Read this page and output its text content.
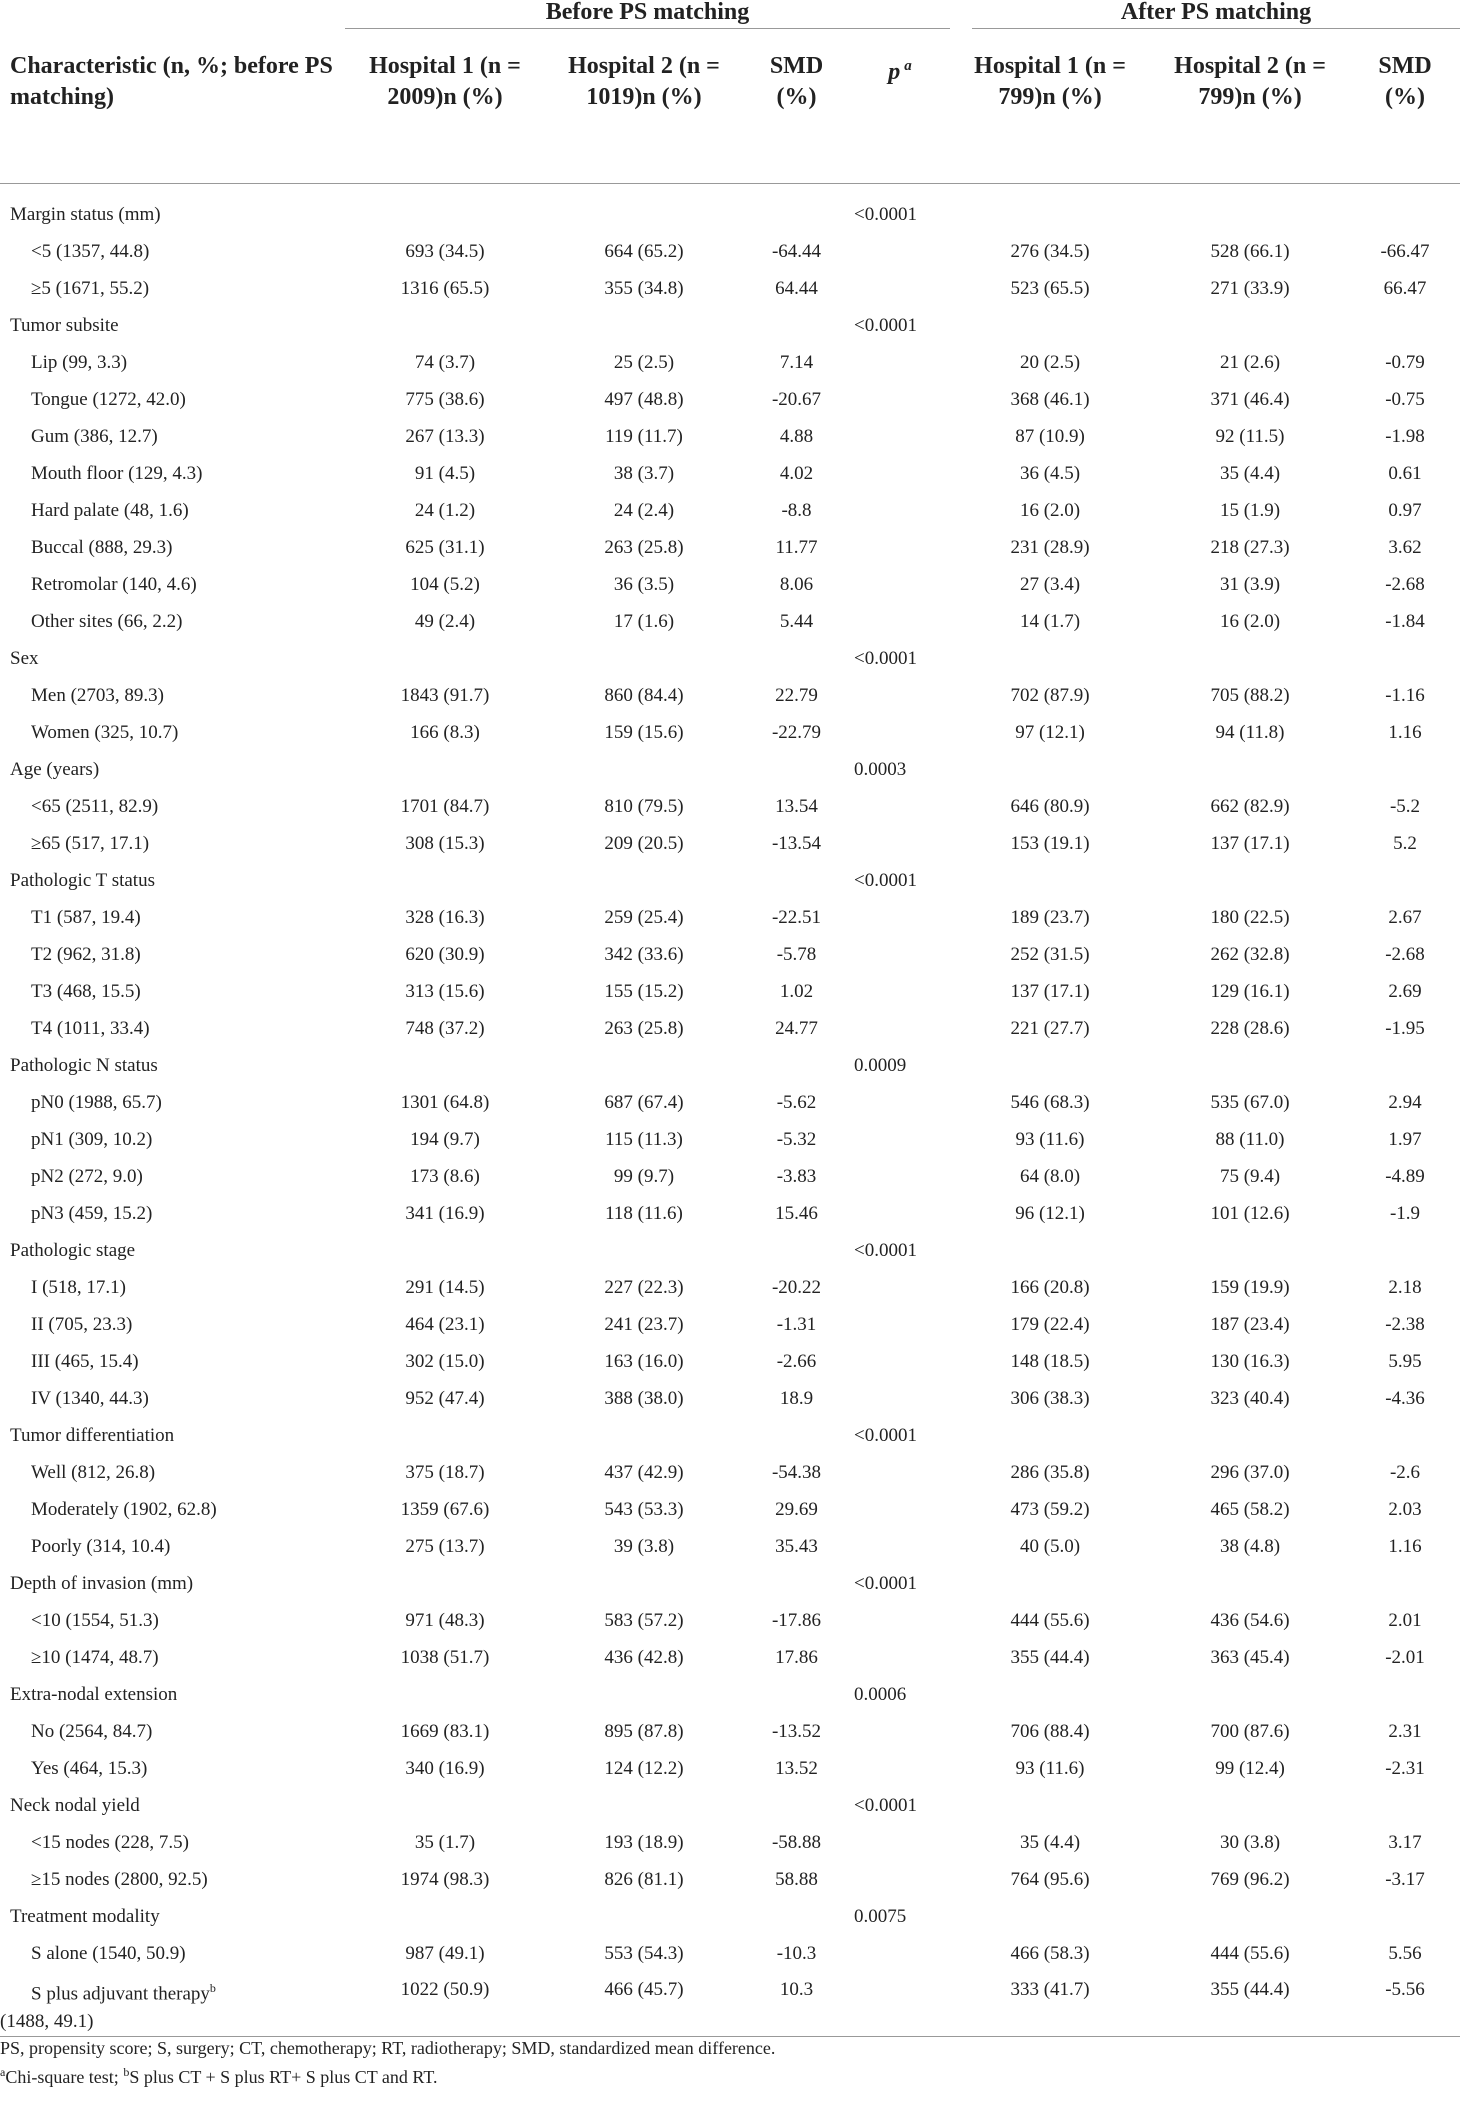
	Before PS matching				After PS matching		

Characteristic (n, %; before PS matching)	Hospital 1 (n = 2009)n (%)	Hospital 2 (n = 1019)n (%)	SMD (%)	p $^a$	Hospital 1 (n = 799)n (%)	Hospital 2 (n = 799)n (%)	SMD (%)

Margin status (mm)				<0.0001			
<5 (1357, 44.8)	693 (34.5)	664 (65.2)	-64.44		276 (34.5)	528 (66.1)	-66.47
≥5 (1671, 55.2)	1316 (65.5)	355 (34.8)	64.44		523 (65.5)	271 (33.9)	66.47
Tumor subsite				<0.0001			
Lip (99, 3.3)	74 (3.7)	25 (2.5)	7.14		20 (2.5)	21 (2.6)	-0.79
Tongue (1272, 42.0)	775 (38.6)	497 (48.8)	-20.67		368 (46.1)	371 (46.4)	-0.75
Gum (386, 12.7)	267 (13.3)	119 (11.7)	4.88		87 (10.9)	92 (11.5)	-1.98
Mouth floor (129, 4.3)	91 (4.5)	38 (3.7)	4.02		36 (4.5)	35 (4.4)	0.61
Hard palate (48, 1.6)	24 (1.2)	24 (2.4)	-8.8		16 (2.0)	15 (1.9)	0.97
Buccal (888, 29.3)	625 (31.1)	263 (25.8)	11.77		231 (28.9)	218 (27.3)	3.62
Retromolar (140, 4.6)	104 (5.2)	36 (3.5)	8.06		27 (3.4)	31 (3.9)	-2.68
Other sites (66, 2.2)	49 (2.4)	17 (1.6)	5.44		14 (1.7)	16 (2.0)	-1.84
Sex				<0.0001			
Men (2703, 89.3)	1843 (91.7)	860 (84.4)	22.79		702 (87.9)	705 (88.2)	-1.16
Women (325, 10.7)	166 (8.3)	159 (15.6)	-22.79		97 (12.1)	94 (11.8)	1.16
Age (years)				0.0003			
<65 (2511, 82.9)	1701 (84.7)	810 (79.5)	13.54		646 (80.9)	662 (82.9)	-5.2
≥65 (517, 17.1)	308 (15.3)	209 (20.5)	-13.54		153 (19.1)	137 (17.1)	5.2
Pathologic T status				<0.0001			
T1 (587, 19.4)	328 (16.3)	259 (25.4)	-22.51		189 (23.7)	180 (22.5)	2.67
T2 (962, 31.8)	620 (30.9)	342 (33.6)	-5.78		252 (31.5)	262 (32.8)	-2.68
T3 (468, 15.5)	313 (15.6)	155 (15.2)	1.02		137 (17.1)	129 (16.1)	2.69
T4 (1011, 33.4)	748 (37.2)	263 (25.8)	24.77		221 (27.7)	228 (28.6)	-1.95
Pathologic N status				0.0009			
pN0 (1988, 65.7)	1301 (64.8)	687 (67.4)	-5.62		546 (68.3)	535 (67.0)	2.94
pN1 (309, 10.2)	194 (9.7)	115 (11.3)	-5.32		93 (11.6)	88 (11.0)	1.97
pN2 (272, 9.0)	173 (8.6)	99 (9.7)	-3.83		64 (8.0)	75 (9.4)	-4.89
pN3 (459, 15.2)	341 (16.9)	118 (11.6)	15.46		96 (12.1)	101 (12.6)	-1.9
Pathologic stage				<0.0001			
I (518, 17.1)	291 (14.5)	227 (22.3)	-20.22		166 (20.8)	159 (19.9)	2.18
II (705, 23.3)	464 (23.1)	241 (23.7)	-1.31		179 (22.4)	187 (23.4)	-2.38
III (465, 15.4)	302 (15.0)	163 (16.0)	-2.66		148 (18.5)	130 (16.3)	5.95
IV (1340, 44.3)	952 (47.4)	388 (38.0)	18.9		306 (38.3)	323 (40.4)	-4.36
Tumor differentiation				<0.0001			
Well (812, 26.8)	375 (18.7)	437 (42.9)	-54.38		286 (35.8)	296 (37.0)	-2.6
Moderately (1902, 62.8)	1359 (67.6)	543 (53.3)	29.69		473 (59.2)	465 (58.2)	2.03
Poorly (314, 10.4)	275 (13.7)	39 (3.8)	35.43		40 (5.0)	38 (4.8)	1.16
Depth of invasion (mm)				<0.0001			
<10 (1554, 51.3)	971 (48.3)	583 (57.2)	-17.86		444 (55.6)	436 (54.6)	2.01
≥10 (1474, 48.7)	1038 (51.7)	436 (42.8)	17.86		355 (44.4)	363 (45.4)	-2.01
Extra-nodal extension				0.0006			
No (2564, 84.7)	1669 (83.1)	895 (87.8)	-13.52		706 (88.4)	700 (87.6)	2.31
Yes (464, 15.3)	340 (16.9)	124 (12.2)	13.52		93 (11.6)	99 (12.4)	-2.31
Neck nodal yield				<0.0001			
<15 nodes (228, 7.5)	35 (1.7)	193 (18.9)	-58.88		35 (4.4)	30 (3.8)	3.17
≥15 nodes (2800, 92.5)	1974 (98.3)	826 (81.1)	58.88		764 (95.6)	769 (96.2)	-3.17
Treatment modality				0.0075			
S alone (1540, 50.9)	987 (49.1)	553 (54.3)	-10.3		466 (58.3)	444 (55.6)	5.56
S plus adjuvant therapy$^b$
(1488, 49.1)	1022 (50.9)	466 (45.7)	10.3		333 (41.7)	355 (44.4)	-5.56

PS, propensity score; S, surgery; CT, chemotherapy; RT, radiotherapy; SMD, standardized mean difference.

$^a$Chi-square test; $^b$S plus CT + S plus RT+ S plus CT and RT.
